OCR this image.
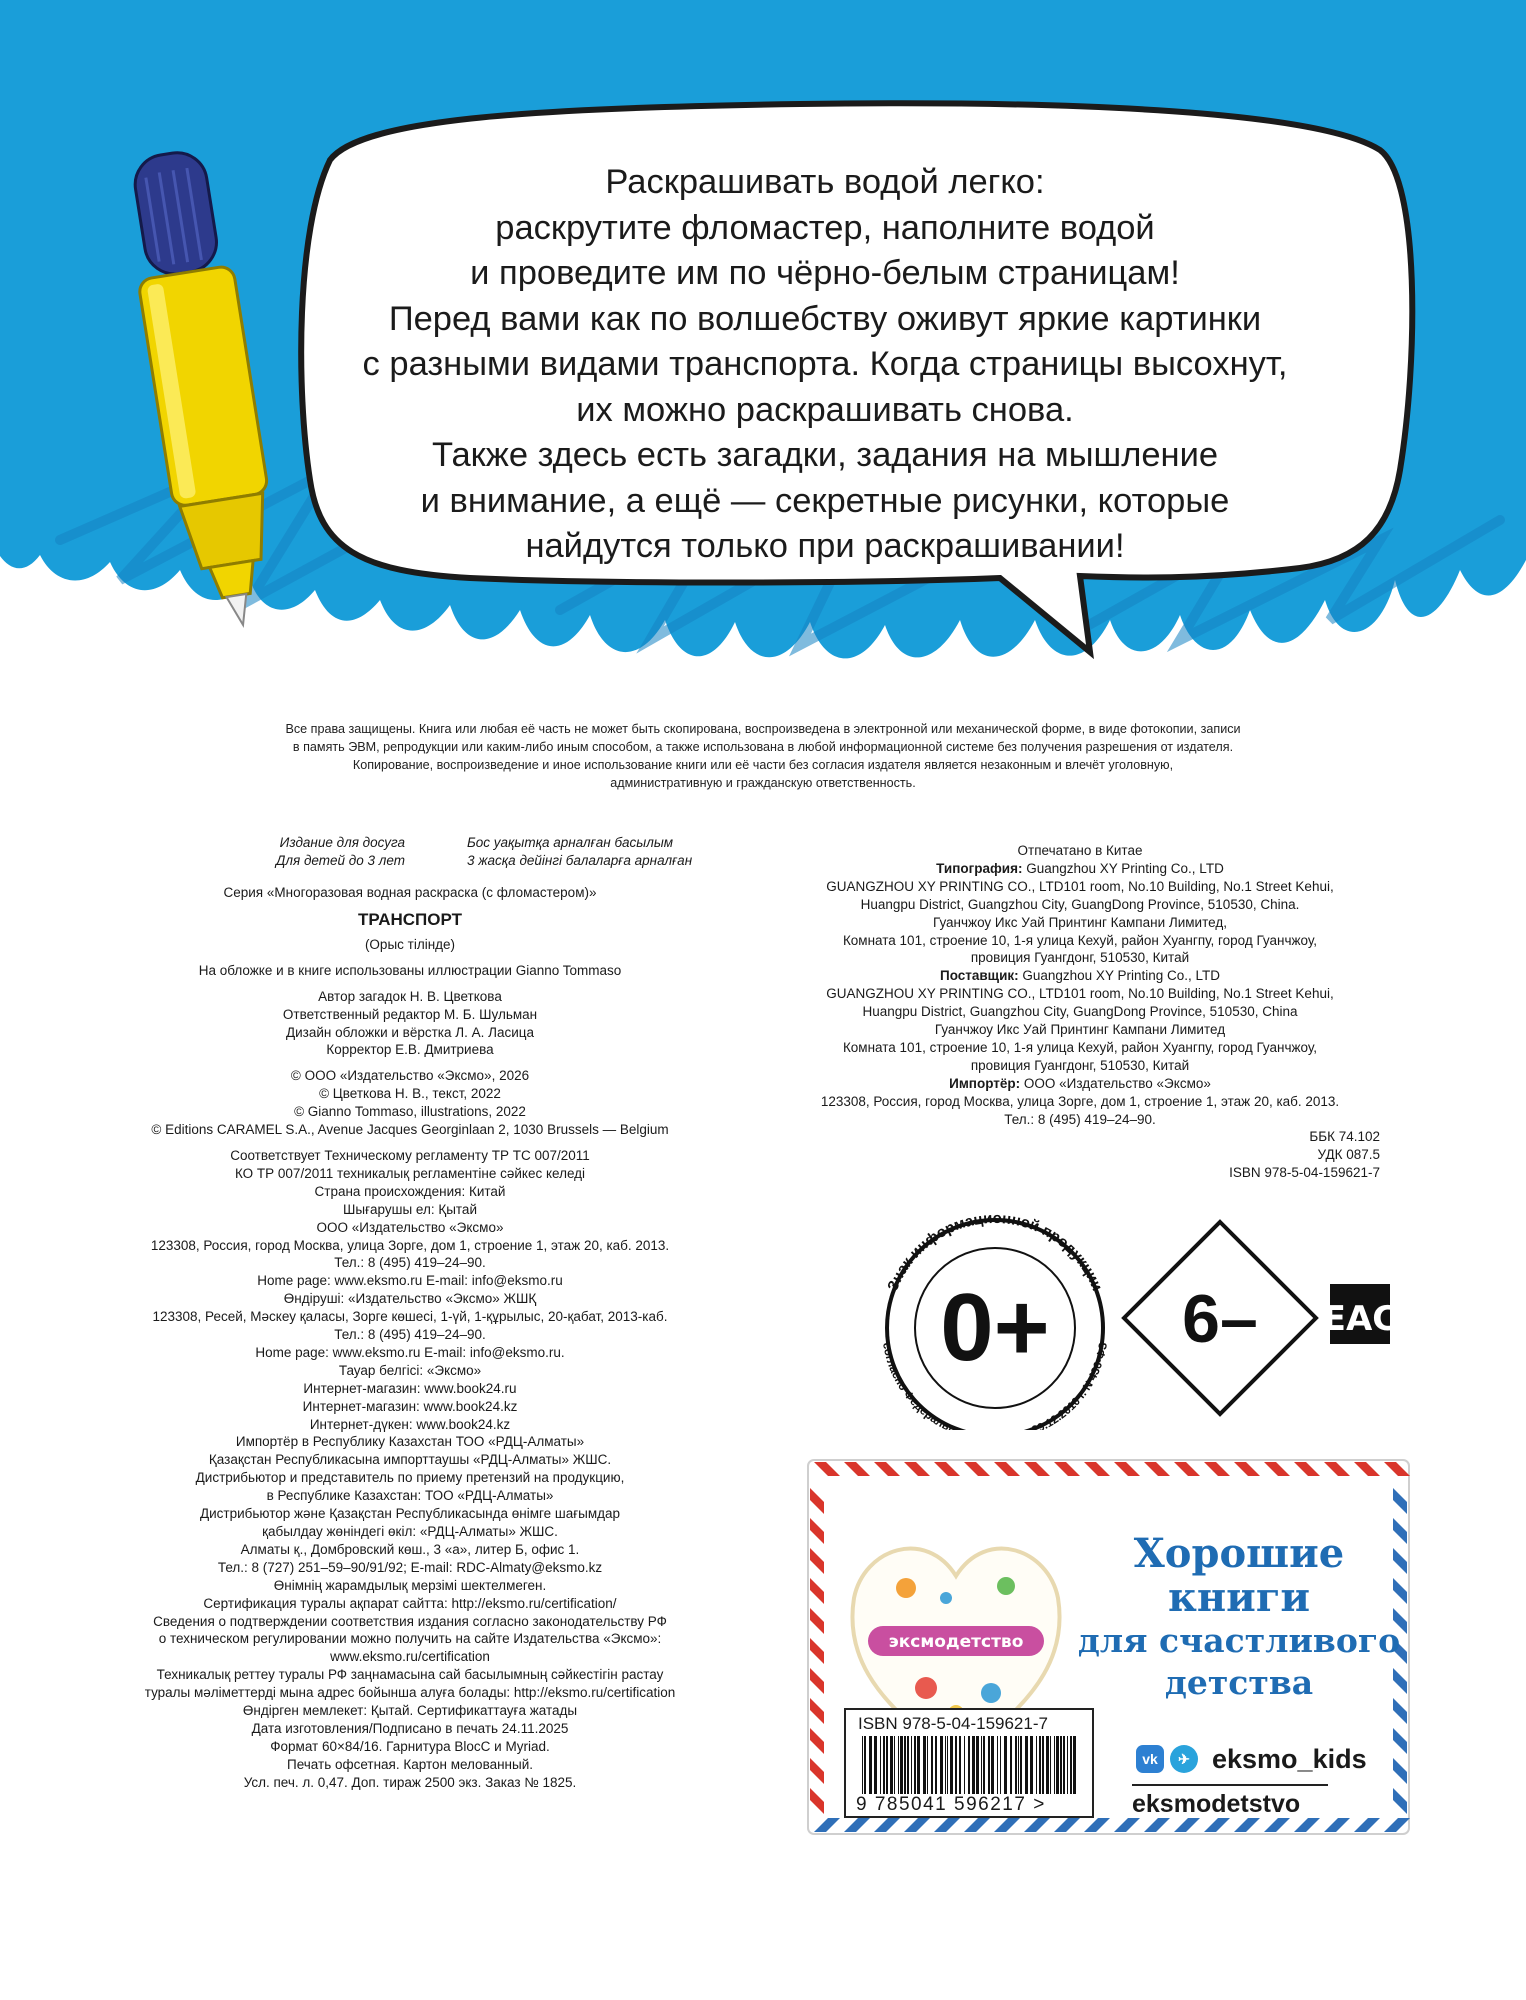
Раскрашивать водой легко:
раскрутите фломастер, наполните водой
и проведите им по чёрно-белым страницам!
Перед вами как по волшебству оживут яркие картинки
с разными видами транспорта. Когда страницы высохнут,
их можно раскрашивать снова.
Также здесь есть загадки, задания на мышление
и внимание, а ещё — секретные рисунки, которые
найдутся только при раскрашивании!
Все права защищены. Книга или любая её часть не может быть скопирована, воспроизведена в электронной или механической форме, в виде фотокопии, записи
в память ЭВМ, репродукции или каким-либо иным способом, а также использована в любой информационной системе без получения разрешения от издателя.
Копирование, воспроизведение и иное использование книги или её части без согласия издателя является незаконным и влечёт уголовную,
административную и гражданскую ответственность.
Издание для досуга	Бос уақытқа арналған басылым
Для детей до 3 лет	3 жасқа дейінгі балаларға арналған
Серия «Многоразовая водная раскраска (с фломастером)»
ТРАНСПОРТ
(Орыс тілінде)
На обложке и в книге использованы иллюстрации Gianno Tommaso
Автор загадок Н. В. Цветкова
Ответственный редактор М. Б. Шульман
Дизайн обложки и вёрстка Л. А. Ласица
Корректор Е.В. Дмитриева
© ООО «Издательство «Эксмо», 2026
© Цветкова Н. В., текст, 2022
© Gianno Tommaso, illustrations, 2022
© Editions CARAMEL S.A., Avenue Jacques Georginlaan 2, 1030 Brussels — Belgium
Соответствует Техническому регламенту ТР ТС 007/2011
КО ТР 007/2011 техникалық регламентіне сәйкес келеді
Страна происхождения: Китай
Шығарушы ел: Қытай
ООО «Издательство «Эксмо»
123308, Россия, город Москва, улица Зорге, дом 1, строение 1, этаж 20, каб. 2013.
Тел.: 8 (495) 419–24–90.
Home page: www.eksmo.ru E-mail: info@eksmo.ru
Өндіруші: «Издательство «Эксмо» ЖШҚ
123308, Ресей, Мәскеу қаласы, Зорге көшесі, 1-үй, 1-құрылыс, 20-қабат, 2013-каб.
Тел.: 8 (495) 419–24–90.
Home page: www.eksmo.ru E-mail: info@eksmo.ru.
Тауар белгісі: «Эксмо»
Интернет-магазин: www.book24.ru
Интернет-магазин: www.book24.kz
Интернет-дүкен: www.book24.kz
Импортёр в Республику Казахстан ТОО «РДЦ-Алматы»
Қазақстан Республикасына импорттаушы «РДЦ-Алматы» ЖШС.
Дистрибьютор и представитель по приему претензий на продукцию,
в Республике Казахстан: ТОО «РДЦ-Алматы»
Дистрибьютор және Қазақстан Республикасында өнімге шағымдар
қабылдау жөніндегі өкіл: «РДЦ-Алматы» ЖШС.
Алматы қ., Домбровский көш., 3 «а», литер Б, офис 1.
Тел.: 8 (727) 251–59–90/91/92; E-mail: RDC-Almaty@eksmo.kz
Өнімнің жарамдылық мерзімі шектелмеген.
Сертификация туралы ақпарат сайтта: http://eksmo.ru/certification/
Сведения о подтверждении соответствия издания согласно законодательству РФ
о техническом регулировании можно получить на сайте Издательства «Эксмо»:
www.eksmo.ru/certification
Техникалық реттеу туралы РФ заңнамасына сай басылымның сәйкестігін растау
туралы мәліметтерді мына адрес бойынша алуға болады: http://eksmo.ru/certification
Өндірген мемлекет: Қытай. Сертификаттауға жатады
Дата изготовления/Подписано в печать 24.11.2025
Формат 60×84/16. Гарнитура BlocC и Myriad.
Печать офсетная. Картон мелованный.
Усл. печ. л. 0,47. Доп. тираж 2500 экз. Заказ № 1825.
Отпечатано в Китае
Типография: Guangzhou XY Printing Co., LTD
GUANGZHOU XY PRINTING CO., LTD101 room, No.10 Building, No.1 Street Kehui,
Huangpu District, Guangzhou City, GuangDong Province, 510530, China.
Гуанчжоу Икс Уай Принтинг Кампани Лимитед,
Комната 101, строение 10, 1-я улица Кехуй, район Хуангпу, город Гуанчжоу,
провиция Гуангдонг, 510530, Китай
Поставщик: Guangzhou XY Printing Co., LTD
GUANGZHOU XY PRINTING CO., LTD101 room, No.10 Building, No.1 Street Kehui,
Huangpu District, Guangzhou City, GuangDong Province, 510530, China
Гуанчжоу Икс Уай Принтинг Кампани Лимитед
Комната 101, строение 10, 1-я улица Кехуй, район Хуангпу, город Гуанчжоу,
провиция Гуангдонг, 510530, Китай
Импортёр: ООО «Издательство «Эксмо»
123308, Россия, город Москва, улица Зорге, дом 1, строение 1, этаж 20, каб. 2013.
Тел.: 8 (495) 419–24–90.
ББК 74.102
УДК 087.5
ISBN 978-5-04-159621-7
Знак информационной продукции
согласно Федеральн 9.12.2010 г. N 436-ФЗ
0+ 6– EAC
эксмодетство
Хорошие
книги
для счастливого
детства
vk	✈ eksmo_kids
eksmodetstvo
ISBN 978-5-04-159621-7
9 785041 596217 >
